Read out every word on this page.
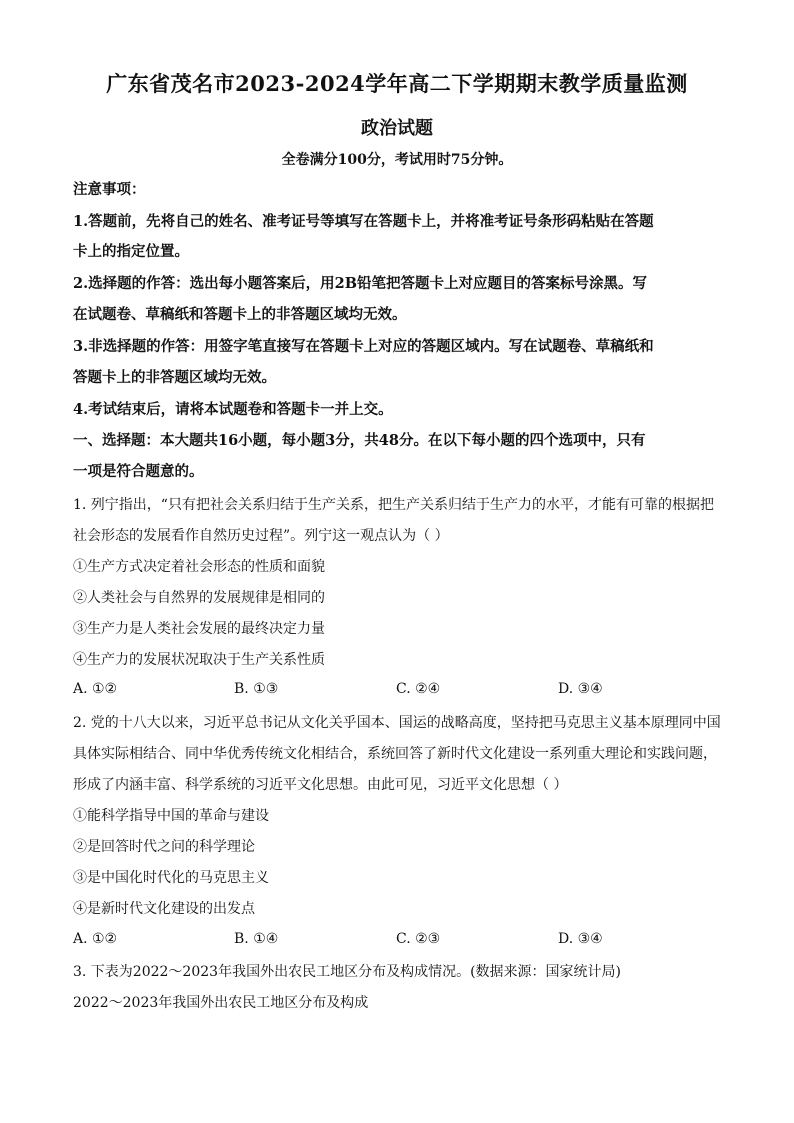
广东省茂名市2023-2024学年高二下学期期末教学质量监测
政治试题
全卷满分100分，考试用时75分钟。
注意事项：
1.答题前，先将自己的姓名、准考证号等填写在答题卡上，并将准考证号条形码粘贴在答题
卡上的指定位置。
2.选择题的作答：选出每小题答案后，用2B铅笔把答题卡上对应题目的答案标号涂黑。写
在试题卷、草稿纸和答题卡上的非答题区域均无效。
3.非选择题的作答：用签字笔直接写在答题卡上对应的答题区域内。写在试题卷、草稿纸和
答题卡上的非答题区域均无效。
4.考试结束后，请将本试题卷和答题卡一并上交。
一、选择题：本大题共16小题，每小题3分，共48分。在以下每小题的四个选项中，只有
一项是符合题意的。
1. 列宁指出，“只有把社会关系归结于生产关系，把生产关系归结于生产力的水平，才能有可靠的根据把
社会形态的发展看作自然历史过程”。列宁这一观点认为（ ）
①生产方式决定着社会形态的性质和面貌
②人类社会与自然界的发展规律是相同的
③生产力是人类社会发展的最终决定力量
④生产力的发展状况取决于生产关系性质
A. ①②	B. ①③	C. ②④	D. ③④
2. 党的十八大以来，习近平总书记从文化关乎国本、国运的战略高度，坚持把马克思主义基本原理同中国
具体实际相结合、同中华优秀传统文化相结合，系统回答了新时代文化建设一系列重大理论和实践问题，
形成了内涵丰富、科学系统的习近平文化思想。由此可见，习近平文化思想（ ）
①能科学指导中国的革命与建设
②是回答时代之问的科学理论
③是中国化时代化的马克思主义
④是新时代文化建设的出发点
A. ①②	B. ①④	C. ②③	D. ③④
3. 下表为2022～2023年我国外出农民工地区分布及构成情况。(数据来源：国家统计局)
2022～2023年我国外出农民工地区分布及构成
